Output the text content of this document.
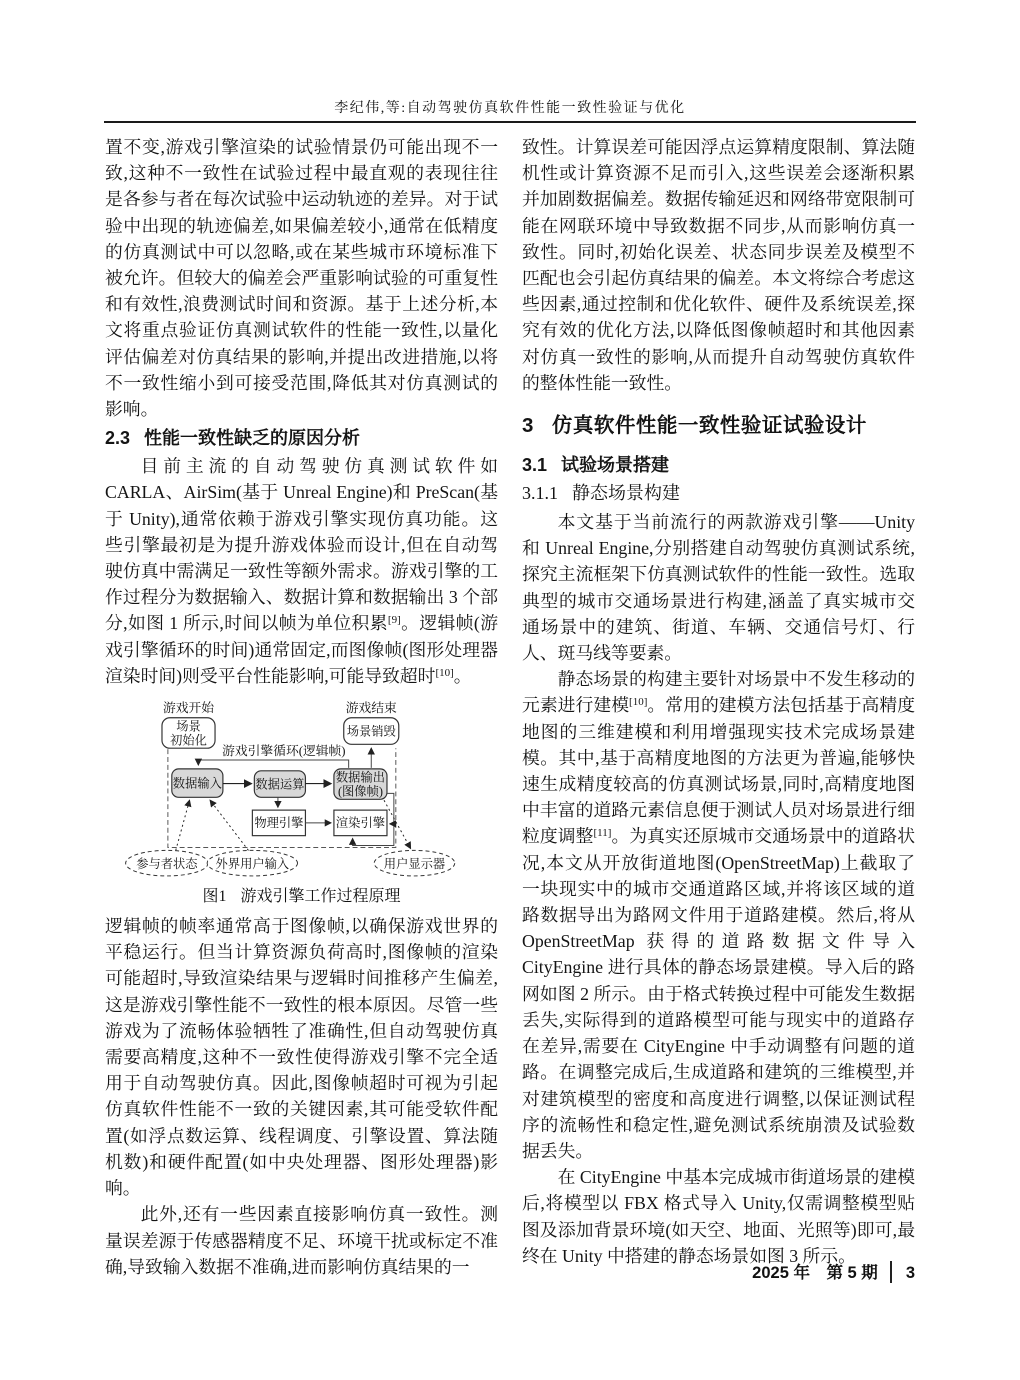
李纪伟,等:自动驾驶仿真软件性能一致性验证与优化

置不变,游戏引擎渲染的试验情景仍可能出现不一致,这种不一致性在试验过程中最直观的表现往往是各参与者在每次试验中运动轨迹的差异。对于试验中出现的轨迹偏差,如果偏差较小,通常在低精度的仿真测试中可以忽略,或在某些城市环境标准下被允许。但较大的偏差会严重影响试验的可重复性和有效性,浪费测试时间和资源。基于上述分析,本文将重点验证仿真测试软件的性能一致性,以量化评估偏差对仿真结果的影响,并提出改进措施,以将不一致性缩小到可接受范围,降低其对仿真测试的影响。

2.3 性能一致性缺乏的原因分析

目前主流的自动驾驶仿真测试软件如 CARLA、AirSim(基于 Unreal Engine)和 PreScan(基于 Unity),通常依赖于游戏引擎实现仿真功能。这些引擎最初是为提升游戏体验而设计,但在自动驾驶仿真中需满足一致性等额外需求。游戏引擎的工作过程分为数据输入、数据计算和数据输出 3 个部分,如图 1 所示,时间以帧为单位积累[9]。逻辑帧(游戏引擎循环的时间)通常固定,而图像帧(图形处理器渲染时间)则受平台性能影响,可能导致超时[10]。

游戏开始
场景
初始化
游戏结束
场景销毁
游戏引擎循环(逻辑帧)
数据输入	数据运算	数据输出
(图像帧)
物理引擎	渲染引擎
参与者状态 外界用户输入	用户显示器
图1 游戏引擎工作过程原理

逻辑帧的帧率通常高于图像帧,以确保游戏世界的平稳运行。但当计算资源负荷高时,图像帧的渲染可能超时,导致渲染结果与逻辑时间推移产生偏差,这是游戏引擎性能不一致性的根本原因。尽管一些游戏为了流畅体验牺牲了准确性,但自动驾驶仿真需要高精度,这种不一致性使得游戏引擎不完全适用于自动驾驶仿真。因此,图像帧超时可视为引起仿真软件性能不一致的关键因素,其可能受软件配置(如浮点数运算、线程调度、引擎设置、算法随机数)和硬件配置(如中央处理器、图形处理器)影响。

此外,还有一些因素直接影响仿真一致性。测量误差源于传感器精度不足、环境干扰或标定不准确,导致输入数据不准确,进而影响仿真结果的一

致性。计算误差可能因浮点运算精度限制、算法随机性或计算资源不足而引入,这些误差会逐渐积累并加剧数据偏差。数据传输延迟和网络带宽限制可能在网联环境中导致数据不同步,从而影响仿真一致性。同时,初始化误差、状态同步误差及模型不匹配也会引起仿真结果的偏差。本文将综合考虑这些因素,通过控制和优化软件、硬件及系统误差,探究有效的优化方法,以降低图像帧超时和其他因素对仿真一致性的影响,从而提升自动驾驶仿真软件的整体性能一致性。

3 仿真软件性能一致性验证试验设计
3.1 试验场景搭建
3.1.1 静态场景构建

本文基于当前流行的两款游戏引擎——Unity 和 Unreal Engine,分别搭建自动驾驶仿真测试系统,探究主流框架下仿真测试软件的性能一致性。选取典型的城市交通场景进行构建,涵盖了真实城市交通场景中的建筑、街道、车辆、交通信号灯、行人、斑马线等要素。

静态场景的构建主要针对场景中不发生移动的元素进行建模[10]。常用的建模方法包括基于高精度地图的三维建模和利用增强现实技术完成场景建模。其中,基于高精度地图的方法更为普遍,能够快速生成精度较高的仿真测试场景,同时,高精度地图中丰富的道路元素信息便于测试人员对场景进行细粒度调整[11]。为真实还原城市交通场景中的道路状况,本文从开放街道地图(OpenStreetMap)上截取了一块现实中的城市交通道路区域,并将该区域的道路数据导出为路网文件用于道路建模。然后,将从 OpenStreetMap 获得的道路数据文件导入 CityEngine 进行具体的静态场景建模。导入后的路网如图 2 所示。由于格式转换过程中可能发生数据丢失,实际得到的道路模型可能与现实中的道路存在差异,需要在 CityEngine 中手动调整有问题的道路。在调整完成后,生成道路和建筑的三维模型,并对建筑模型的密度和高度进行调整,以保证测试程序的流畅性和稳定性,避免测试系统崩溃及试验数据丢失。

在 CityEngine 中基本完成城市街道场景的建模后,将模型以 FBX 格式导入 Unity,仅需调整模型贴图及添加背景环境(如天空、地面、光照等)即可,最终在 Unity 中搭建的静态场景如图 3 所示。

2025 年　第 5 期 3
